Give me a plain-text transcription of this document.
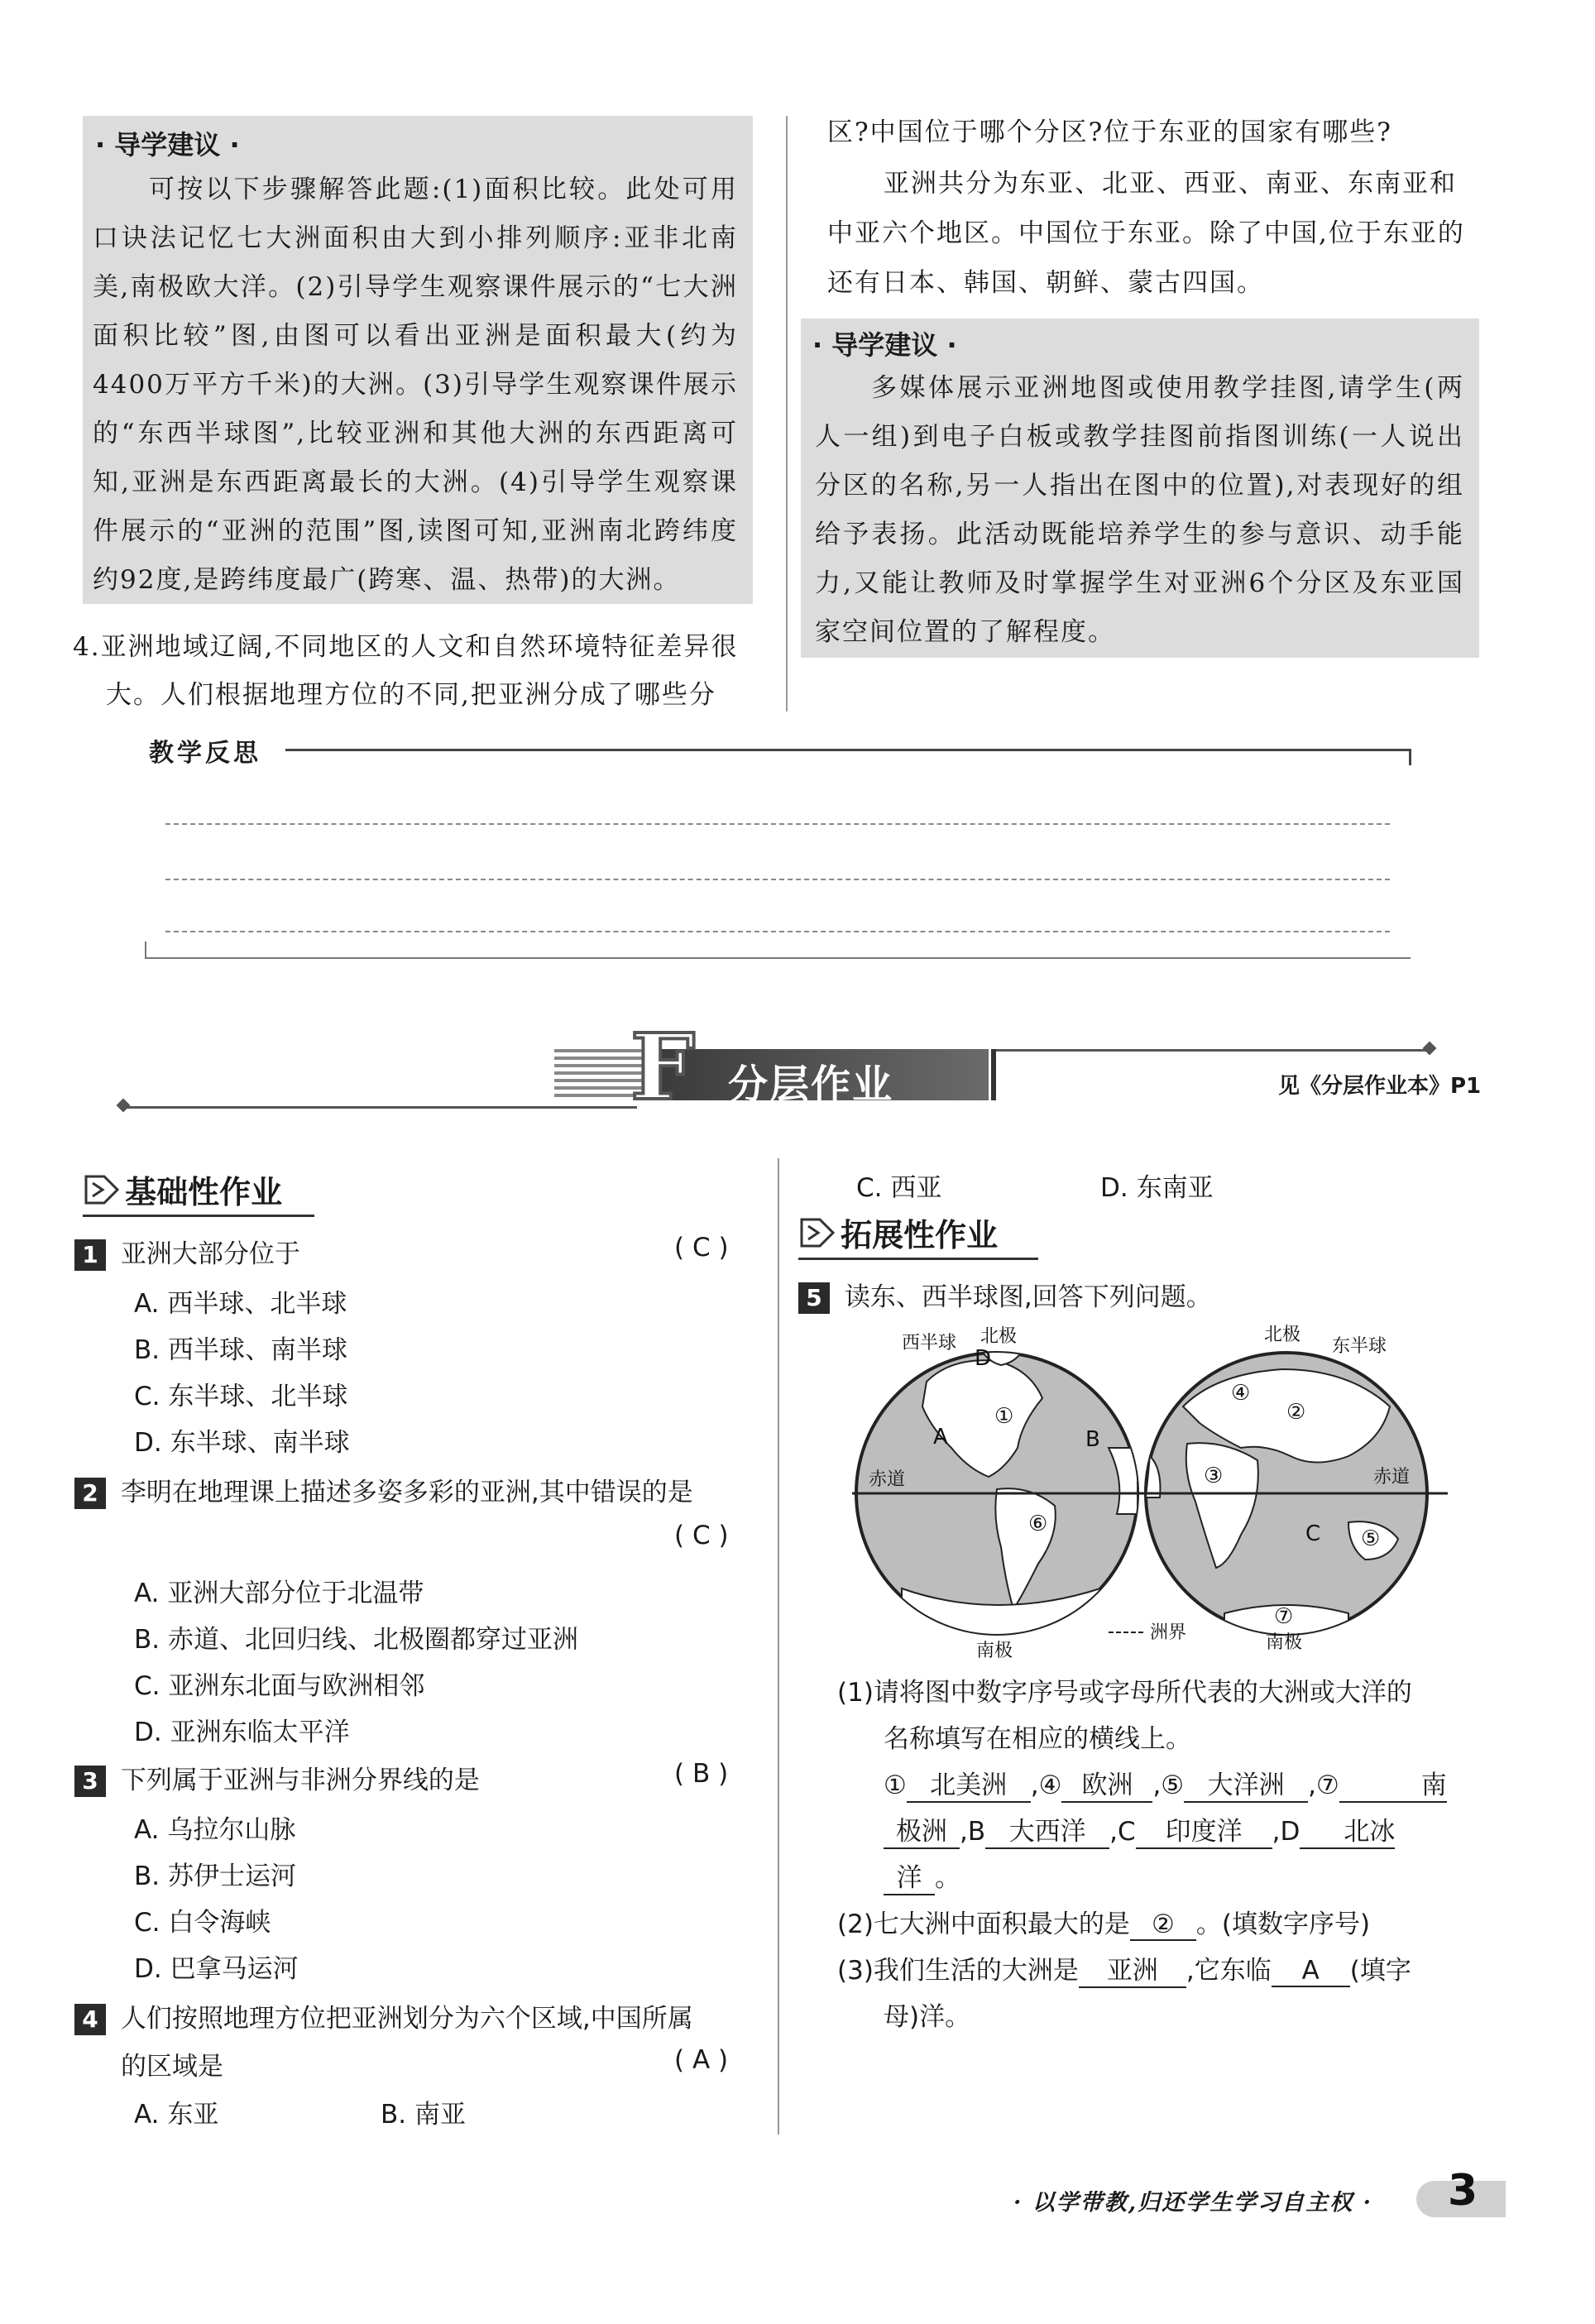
· 导学建议 ·
可按以下步骤解答此题:(1)面积比较。此处可用口诀法记忆七大洲面积由大到小排列顺序:亚非北南美,南极欧大洋。(2)引导学生观察课件展示的“七大洲面积比较”图,由图可以看出亚洲是面积最大(约为4400万平方千米)的大洲。(3)引导学生观察课件展示的“东西半球图”,比较亚洲和其他大洲的东西距离可知,亚洲是东西距离最长的大洲。(4)引导学生观察课件展示的“亚洲的范围”图,读图可知,亚洲南北跨纬度约92度,是跨纬度最广(跨寒、温、热带)的大洲。
4.亚洲地域辽阔,不同地区的人文和自然环境特征差异很
大。人们根据地理方位的不同,把亚洲分成了哪些分
区?中国位于哪个分区?位于东亚的国家有哪些?
亚洲共分为东亚、北亚、西亚、南亚、东南亚和中亚六个地区。中国位于东亚。除了中国,位于东亚的还有日本、韩国、朝鲜、蒙古四国。
· 导学建议 ·
多媒体展示亚洲地图或使用教学挂图,请学生(两人一组)到电子白板或教学挂图前指图训练(一人说出分区的名称,另一人指出在图中的位置),对表现好的组给予表扬。此活动既能培养学生的参与意识、动手能力,又能让教师及时掌握学生对亚洲6个分区及东亚国家空间位置的了解程度。
教学反思
F 分层作业	见《分层作业本》P1
基础性作业
1 亚洲大部分位于	( C )
A. 西半球、北半球
B. 西半球、南半球
C. 东半球、北半球
D. 东半球、南半球
2 李明在地理课上描述多姿多彩的亚洲,其中错误的是
( C )
A. 亚洲大部分位于北温带
B. 赤道、北回归线、北极圈都穿过亚洲
C. 亚洲东北面与欧洲相邻
D. 亚洲东临太平洋
3 下列属于亚洲与非洲分界线的是	( B )
A. 乌拉尔山脉
B. 苏伊士运河
C. 白令海峡
D. 巴拿马运河
4 人们按照地理方位把亚洲划分为六个区域,中国所属
的区域是	( A )
A. 东亚	B. 南亚
C. 西亚	D. 东南亚
拓展性作业
5 读东、西半球图,回答下列问题。
西半球 北极	北极
东半球
赤道	赤道
南极	南极
洲界
A	B
C
D
①
⑥
④
②
③
⑤
⑦
(1)请将图中数字序号或字母所代表的大洲或大洋的
名称填写在相应的横线上。
① 北美洲 ,④ 欧洲 ,⑤ 大洋洲 ,⑦	南
极洲 ,B 大西洋 ,C 印度洋 ,D 北冰
洋 。
(2)七大洲中面积最大的是 ② 。(填数字序号)
(3)我们生活的大洲是 亚洲 ,它东临 A (填字
母)洋。
· 以学带教,归还学生学习自主权 · 3
